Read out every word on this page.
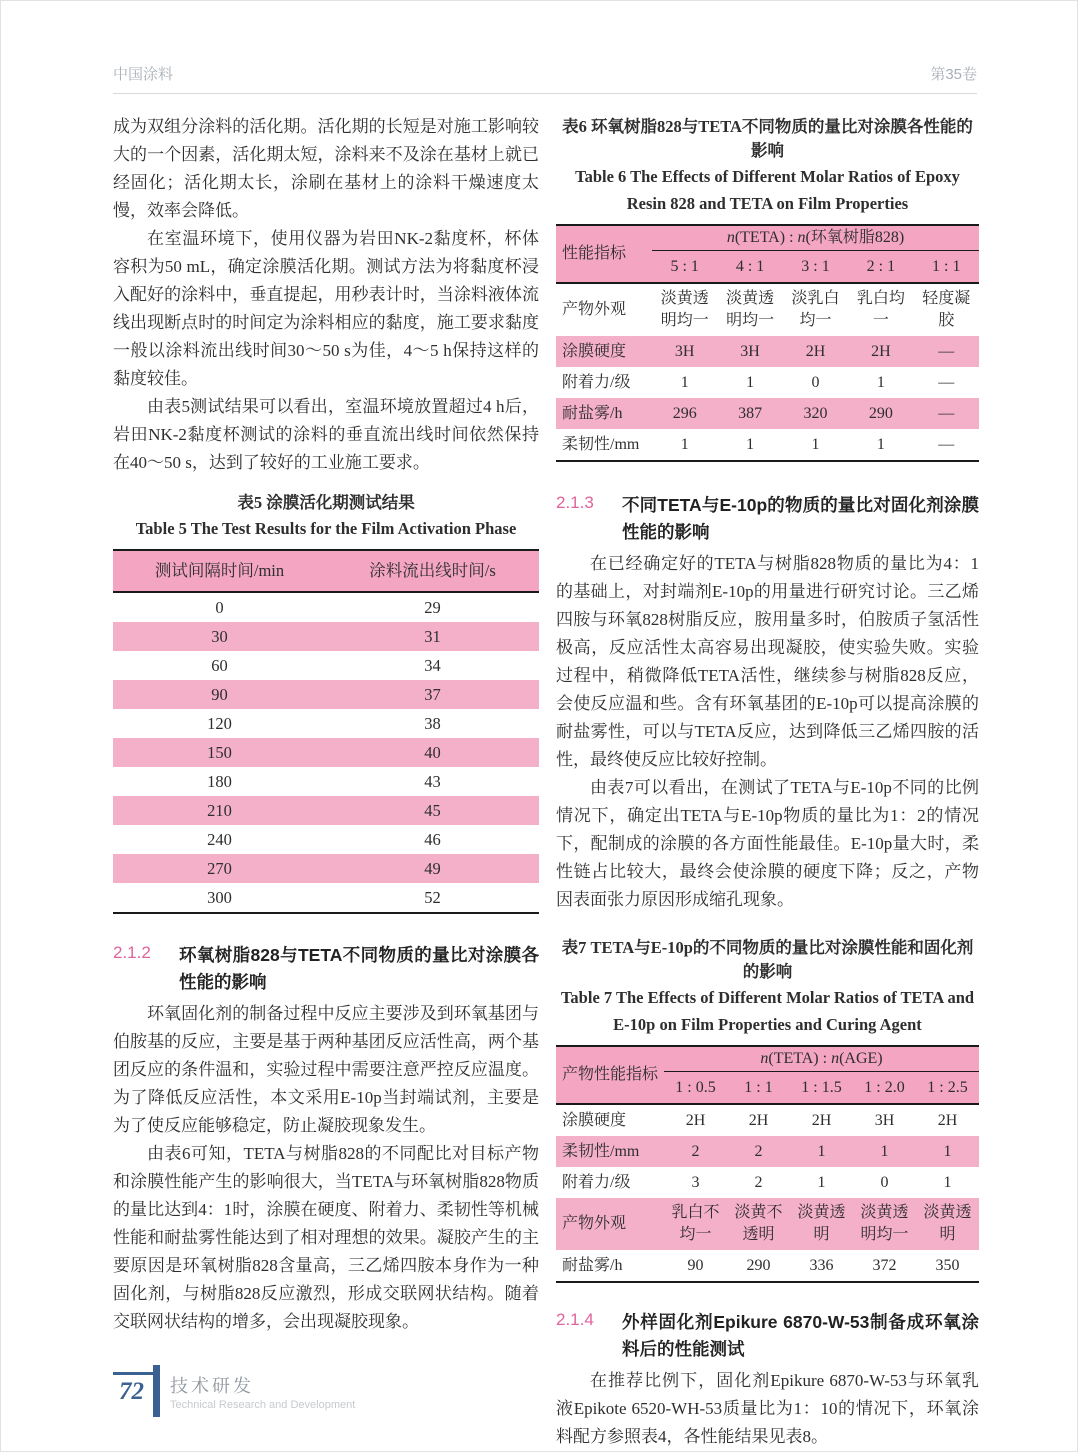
中国涂料	第35卷

成为双组分涂料的活化期。活化期的长短是对施工影响较大的一个因素，活化期太短，涂料来不及涂在基材上就已经固化；活化期太长，涂刷在基材上的涂料干燥速度太慢，效率会降低。

在室温环境下，使用仪器为岩田NK-2黏度杯，杯体容积为50 mL，确定涂膜活化期。测试方法为将黏度杯浸入配好的涂料中，垂直提起，用秒表计时，当涂料液体流线出现断点时的时间定为涂料相应的黏度，施工要求黏度一般以涂料流出线时间30～50 s为佳，4～5 h保持这样的黏度较佳。

由表5测试结果可以看出，室温环境放置超过4 h后，岩田NK-2黏度杯测试的涂料的垂直流出线时间依然保持在40～50 s，达到了较好的工业施工要求。

表5 涂膜活化期测试结果
Table 5 The Test Results for the Film Activation Phase
测试间隔时间/min	涂料流出线时间/s
0	29
30	31
60	34
90	37
120	38
150	40
180	43
210	45
240	46
270	49
300	52
2.1.2	环氧树脂828与TETA不同物质的量比对涂膜各性能的影响

环氧固化剂的制备过程中反应主要涉及到环氧基团与伯胺基的反应，主要是基于两种基团反应活性高，两个基团反应的条件温和，实验过程中需要注意严控反应温度。为了降低反应活性，本文采用E-10p当封端试剂，主要是为了使反应能够稳定，防止凝胶现象发生。

由表6可知，TETA与树脂828的不同配比对目标产物和涂膜性能产生的影响很大，当TETA与环氧树脂828物质的量比达到4：1时，涂膜在硬度、附着力、柔韧性等机械性能和耐盐雾性能达到了相对理想的效果。凝胶产生的主要原因是环氧树脂828含量高，三乙烯四胺本身作为一种固化剂，与树脂828反应激烈，形成交联网状结构。随着交联网状结构的增多，会出现凝胶现象。

表6 环氧树脂828与TETA不同物质的量比对涂膜各性能的影响
Table 6 The Effects of Different Molar Ratios of Epoxy Resin 828 and TETA on Film Properties
性能指标	n(TETA) : n(环氧树脂828)				
	5 : 1	4 : 1	3 : 1	2 : 1	1 : 1
产物外观	淡黄透明均一	淡黄透明均一	淡乳白均一	乳白均一	轻度凝胶
涂膜硬度	3H	3H	2H	2H	—
附着力/级	1	1	0	1	—
耐盐雾/h	296	387	320	290	—
柔韧性/mm	1	1	1	1	—
2.1.3	不同TETA与E-10p的物质的量比对固化剂涂膜性能的影响

在已经确定好的TETA与树脂828物质的量比为4：1的基础上，对封端剂E-10p的用量进行研究讨论。三乙烯四胺与环氧828树脂反应，胺用量多时，伯胺质子氢活性极高，反应活性太高容易出现凝胶，使实验失败。实验过程中，稍微降低TETA活性，继续参与树脂828反应，会使反应温和些。含有环氧基团的E-10p可以提高涂膜的耐盐雾性，可以与TETA反应，达到降低三乙烯四胺的活性，最终使反应比较好控制。

由表7可以看出，在测试了TETA与E-10p不同的比例情况下，确定出TETA与E-10p物质的量比为1：2的情况下，配制成的涂膜的各方面性能最佳。E-10p量大时，柔性链占比较大，最终会使涂膜的硬度下降；反之，产物因表面张力原因形成缩孔现象。

表7 TETA与E-10p的不同物质的量比对涂膜性能和固化剂的影响
Table 7 The Effects of Different Molar Ratios of TETA and E-10p on Film Properties and Curing Agent
产物性能指标	n(TETA) : n(AGE)				
	1 : 0.5	1 : 1	1 : 1.5	1 : 2.0	1 : 2.5
涂膜硬度	2H	2H	2H	3H	2H
柔韧性/mm	2	2	1	1	1
附着力/级	3	2	1	0	1
产物外观	乳白不均一	淡黄不透明	淡黄透明	淡黄透明均一	淡黄透明
耐盐雾/h	90	290	336	372	350
2.1.4	外样固化剂Epikure 6870-W-53制备成环氧涂料后的性能测试

在推荐比例下，固化剂Epikure 6870-W-53与环氧乳液Epikote 6520-WH-53质量比为1：10的情况下，环氧涂料配方参照表4，各性能结果见表8。

72	技术研发
Technical Research and Development
